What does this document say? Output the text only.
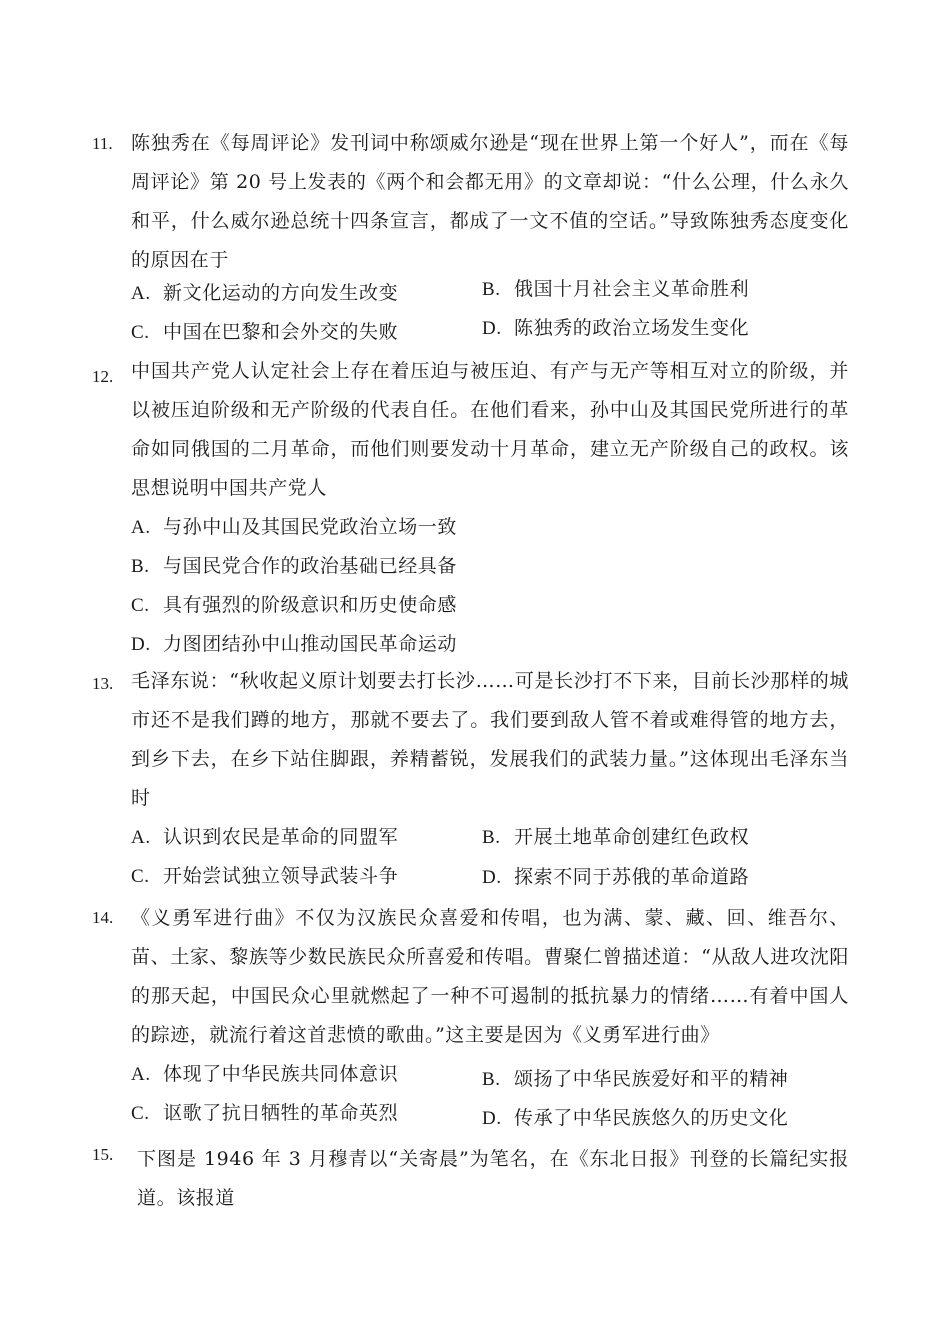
11. 陈独秀在《每周评论》发刊词中称颂威尔逊是“现在世界上第一个好人”，而在《每周评论》第 20 号上发表的《两个和会都无用》的文章却说：“什么公理，什么永久和平，什么威尔逊总统十四条宣言，都成了一文不值的空话。”导致陈独秀态度变化的原因在于
A. 新文化运动的方向发生改变	B. 俄国十月社会主义革命胜利
C. 中国在巴黎和会外交的失败	D. 陈独秀的政治立场发生变化
12. 中国共产党人认定社会上存在着压迫与被压迫、有产与无产等相互对立的阶级，并以被压迫阶级和无产阶级的代表自任。在他们看来，孙中山及其国民党所进行的革命如同俄国的二月革命，而他们则要发动十月革命，建立无产阶级自己的政权。该思想说明中国共产党人
A. 与孙中山及其国民党政治立场一致
B. 与国民党合作的政治基础已经具备
C. 具有强烈的阶级意识和历史使命感
D. 力图团结孙中山推动国民革命运动
13. 毛泽东说：“秋收起义原计划要去打长沙……可是长沙打不下来，目前长沙那样的城市还不是我们蹲的地方，那就不要去了。我们要到敌人管不着或难得管的地方去，到乡下去，在乡下站住脚跟，养精蓄锐，发展我们的武装力量。”这体现出毛泽东当时
A. 认识到农民是革命的同盟军	B. 开展土地革命创建红色政权
C. 开始尝试独立领导武装斗争	D. 探索不同于苏俄的革命道路
14. 《义勇军进行曲》不仅为汉族民众喜爱和传唱，也为满、蒙、藏、回、维吾尔、苗、土家、黎族等少数民族民众所喜爱和传唱。曹聚仁曾描述道：“从敌人进攻沈阳的那天起，中国民众心里就燃起了一种不可遏制的抵抗暴力的情绪……有着中国人的踪迹，就流行着这首悲愤的歌曲。”这主要是因为《义勇军进行曲》
A. 体现了中华民族共同体意识	B. 颂扬了中华民族爱好和平的精神
C. 讴歌了抗日牺牲的革命英烈	D. 传承了中华民族悠久的历史文化
15. 下图是 1946 年 3 月穆青以“关寄晨”为笔名，在《东北日报》刊登的长篇纪实报道。该报道
